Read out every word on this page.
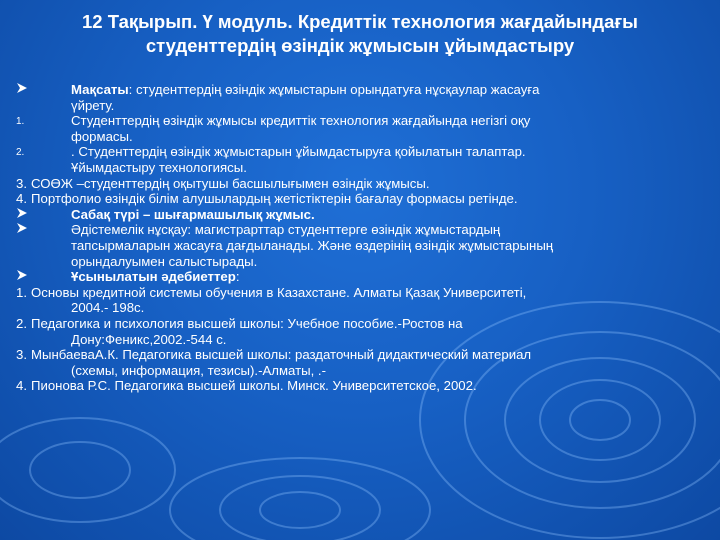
12 Тақырып. Ү модуль. Кредиттік технология жағдайындағы
студенттердің өзіндік жұмысын ұйымдастыру
Мақсаты: студенттердің өзіндік жұмыстарын орындатуға нұсқаулар жасауға
үйрету.
1.	Студенттердің өзіндік жұмысы кредиттік технология жағдайында негізгі оқу
формасы.
2.	. Студенттердің өзіндік жұмыстарын ұйымдастыруға қойылатын талаптар.
Ұйымдастыру технологиясы.
3. СОӨЖ –студенттердің оқытушы басшылығымен өзіндік жұмысы.
4. Портфолио өзіндік білім алушылардың жетістіктерін бағалау формасы ретінде.
Сабақ түрі – шығармашылық жұмыс.
Әдістемелік нұсқау: магистрарттар студенттерге өзіндік жұмыстардың
тапсырмаларын жасауға дағдыланады. Және өздерінің өзіндік жұмыстарының
орындалуымен салыстырады.
Ұсынылатын әдебиеттер:
1. Основы кредитной системы обучения в Казахстане. Алматы Қазақ Университеті,
2004.- 198с.
2. Педагогика и психология высшей школы: Учебное пособие.-Ростов на
Дону:Феникс,2002.-544 с.
3. МынбаеваА.К. Педагогика высшей школы: раздаточный дидактический материал
(схемы, информация, тезисы).-Алматы, .-
4. Пионова Р.С. Педагогика высшей школы. Минск. Университетское, 2002.
